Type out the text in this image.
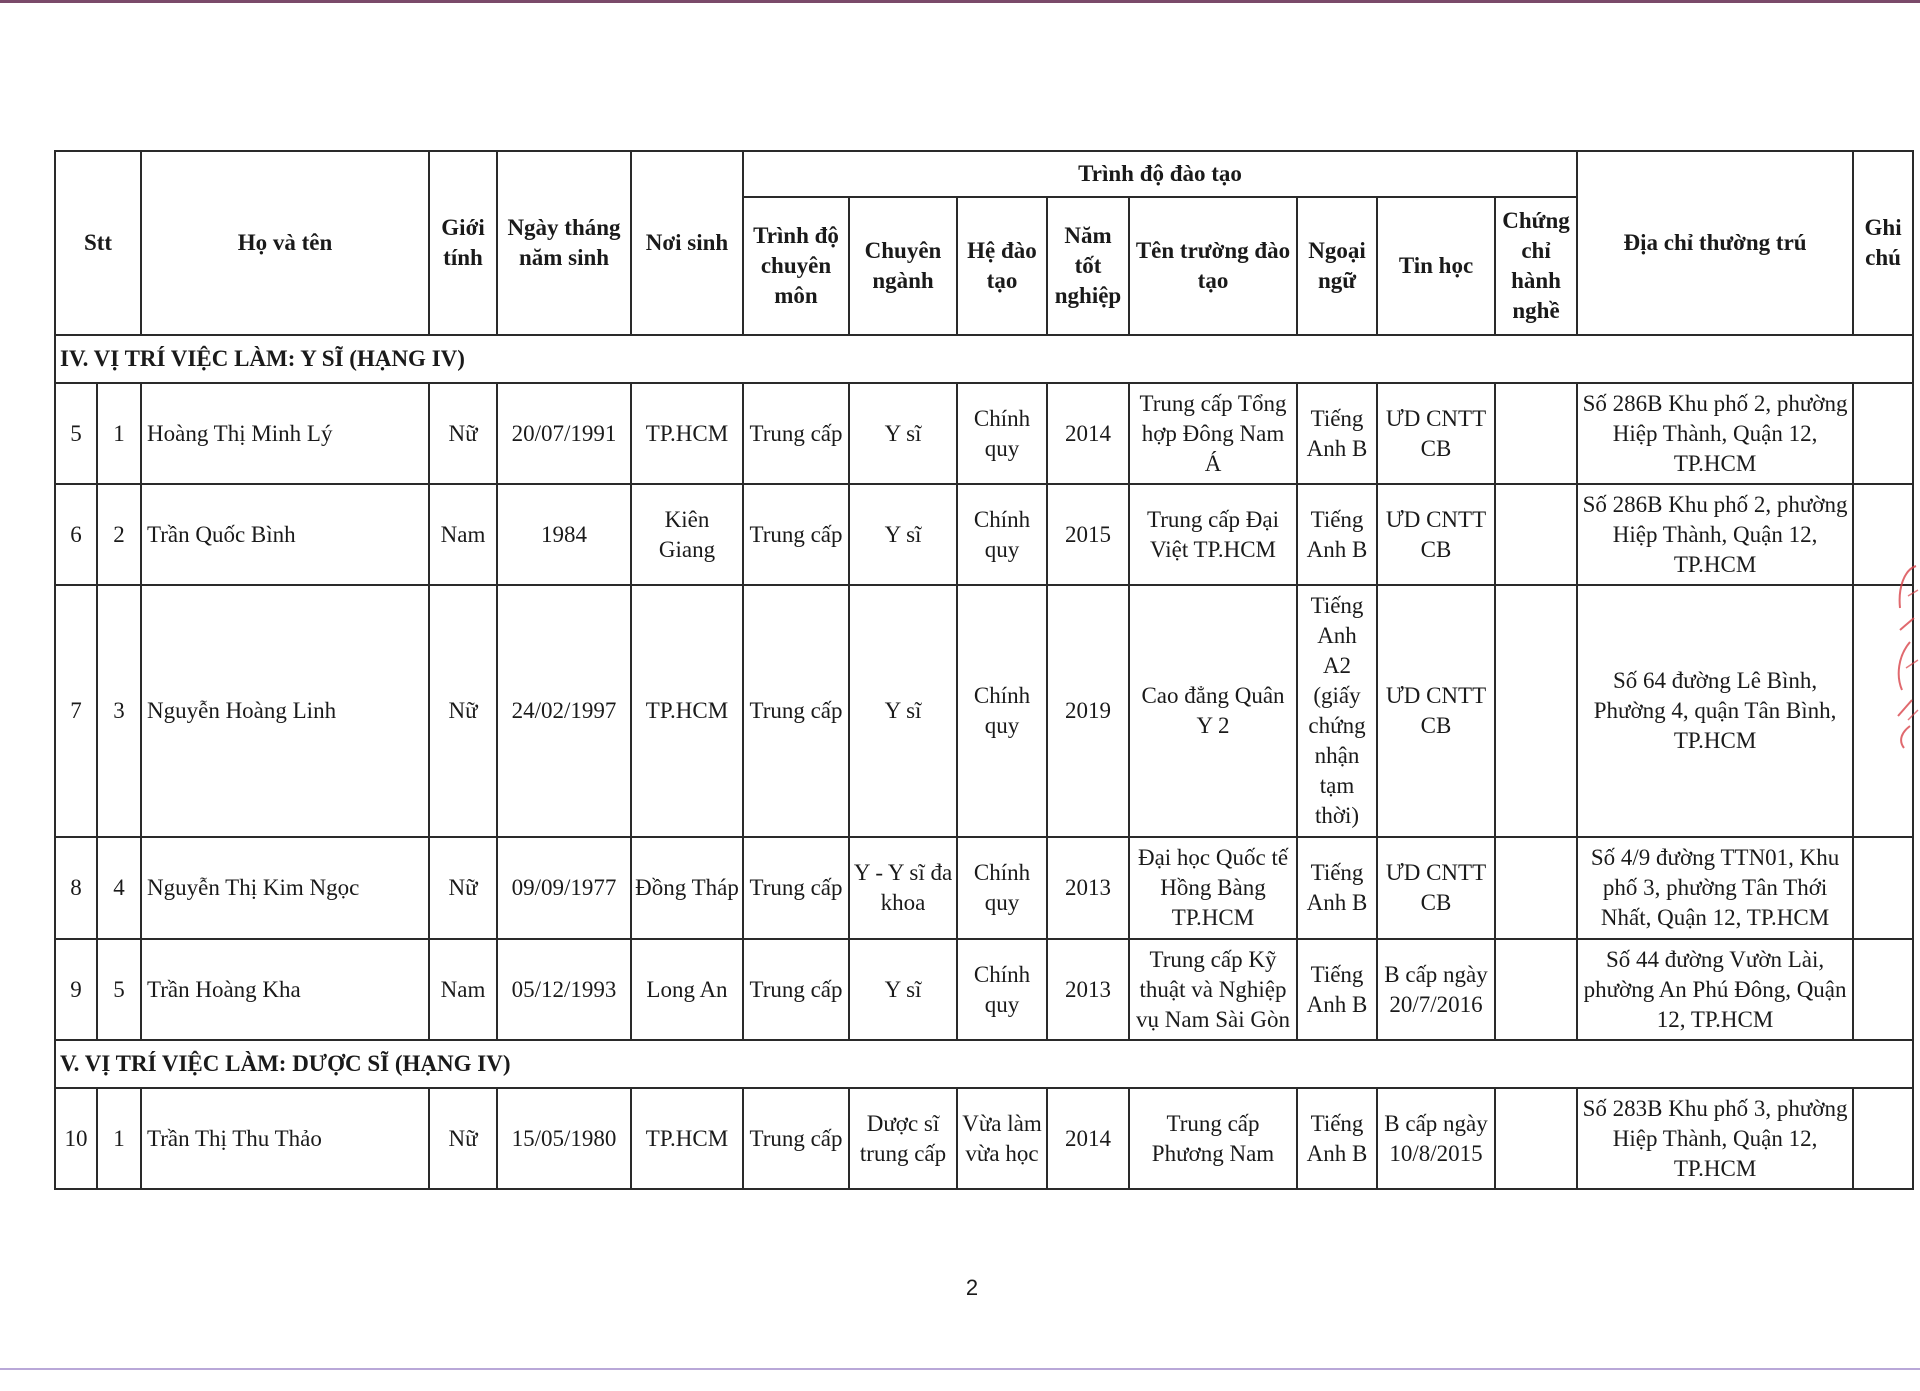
Stt		Họ và tên	Giới tính	Ngày tháng năm sinh	Nơi sinh	Trình độ đào tạo								Địa chỉ thường trú	Ghi chú
						Trình độ chuyên môn	Chuyên ngành	Hệ đào tạo	Năm tốt nghiệp	Tên trường đào tạo	Ngoại ngữ	Tin học	Chứng chỉ hành nghề		
IV. VỊ TRÍ VIỆC LÀM: Y SĨ (HẠNG IV)															
5	1	Hoàng Thị Minh Lý	Nữ	20/07/1991	TP.HCM	Trung cấp	Y sĩ	Chính quy	2014	Trung cấp Tổng hợp Đông Nam Á	Tiếng Anh B	ƯD CNTT CB		Số 286B Khu phố 2, phường Hiệp Thành, Quận 12, TP.HCM	
6	2	Trần Quốc Bình	Nam	1984	Kiên Giang	Trung cấp	Y sĩ	Chính quy	2015	Trung cấp Đại Việt TP.HCM	Tiếng Anh B	ƯD CNTT CB		Số 286B Khu phố 2, phường Hiệp Thành, Quận 12, TP.HCM	
7	3	Nguyễn Hoàng Linh	Nữ	24/02/1997	TP.HCM	Trung cấp	Y sĩ	Chính quy	2019	Cao đẳng Quân Y 2	Tiếng Anh A2 (giấy chứng nhận tạm thời)	ƯD CNTT CB		Số 64 đường Lê Bình, Phường 4, quận Tân Bình, TP.HCM	
8	4	Nguyễn Thị Kim Ngọc	Nữ	09/09/1977	Đồng Tháp	Trung cấp	Y - Y sĩ đa khoa	Chính quy	2013	Đại học Quốc tế Hồng Bàng TP.HCM	Tiếng Anh B	ƯD CNTT CB		Số 4/9 đường TTN01, Khu phố 3, phường Tân Thới Nhất, Quận 12, TP.HCM	
9	5	Trần Hoàng Kha	Nam	05/12/1993	Long An	Trung cấp	Y sĩ	Chính quy	2013	Trung cấp Kỹ thuật và Nghiệp vụ Nam Sài Gòn	Tiếng Anh B	B cấp ngày 20/7/2016		Số 44 đường Vườn Lài, phường An Phú Đông, Quận 12, TP.HCM	
V. VỊ TRÍ VIỆC LÀM: DƯỢC SĨ (HẠNG IV)															
10	1	Trần Thị Thu Thảo	Nữ	15/05/1980	TP.HCM	Trung cấp	Dược sĩ trung cấp	Vừa làm vừa học	2014	Trung cấp Phương Nam	Tiếng Anh B	B cấp ngày 10/8/2015		Số 283B Khu phố 3, phường Hiệp Thành, Quận 12, TP.HCM	
2
